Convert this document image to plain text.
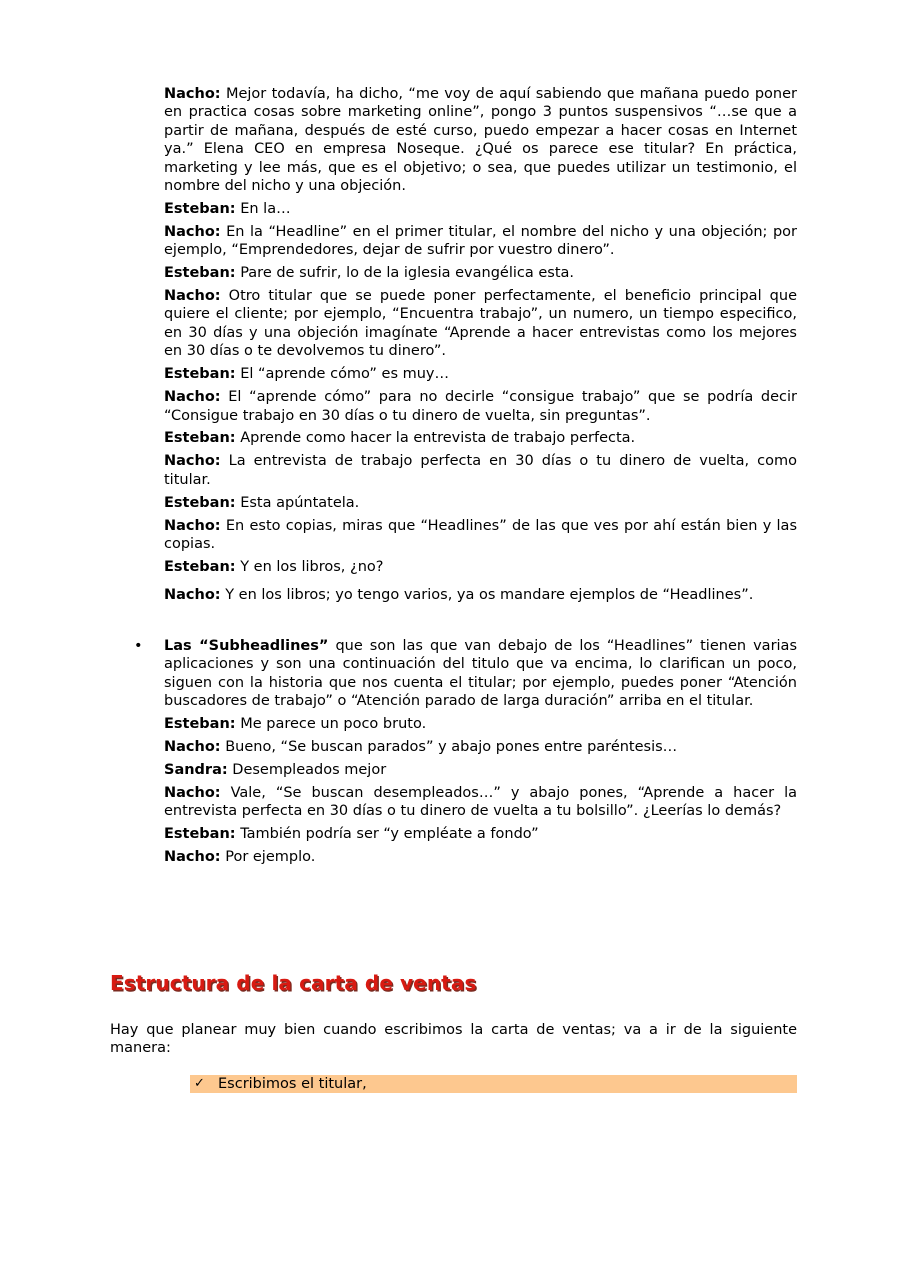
Nacho: Mejor todavía, ha dicho, “me voy de aquí sabiendo que mañana puedo poner en practica cosas sobre marketing online”, pongo 3 puntos suspensivos “…se que a partir de mañana, después de esté curso, puedo empezar a hacer cosas en Internet ya.” Elena CEO en empresa Noseque. ¿Qué os parece ese titular? En práctica, marketing y lee más, que es el objetivo; o sea, que puedes utilizar un testimonio, el nombre del nicho y una objeción.

Esteban: En la…

Nacho: En la “Headline” en el primer titular, el nombre del nicho y una objeción; por ejemplo, “Emprendedores, dejar de sufrir por vuestro dinero”.

Esteban: Pare de sufrir, lo de la iglesia evangélica esta.

Nacho: Otro titular que se puede poner perfectamente, el beneficio principal que quiere el cliente; por ejemplo, “Encuentra trabajo”, un numero, un tiempo especifico, en 30 días y una objeción imagínate “Aprende a hacer entrevistas como los mejores en 30 días o te devolvemos tu dinero”.

Esteban: El “aprende cómo” es muy…

Nacho: El “aprende cómo” para no decirle “consigue trabajo” que se podría decir “Consigue trabajo en 30 días o tu dinero de vuelta, sin preguntas”.

Esteban: Aprende como hacer la entrevista de trabajo perfecta.

Nacho: La entrevista de trabajo perfecta en 30 días o tu dinero de vuelta, como titular.

Esteban: Esta apúntatela.

Nacho: En esto copias, miras que “Headlines” de las que ves por ahí están bien y las copias.

Esteban: Y en los libros, ¿no?

Nacho: Y en los libros; yo tengo varios, ya os mandare ejemplos de “Headlines”.

• Las “Subheadlines” que son las que van debajo de los “Headlines” tienen varias aplicaciones y son una continuación del titulo que va encima, lo clarifican un poco, siguen con la historia que nos cuenta el titular; por ejemplo, puedes poner “Atención buscadores de trabajo” o “Atención parado de larga duración” arriba en el titular.

Esteban: Me parece un poco bruto.

Nacho: Bueno, “Se buscan parados” y abajo pones entre paréntesis…

Sandra: Desempleados mejor

Nacho: Vale, “Se buscan desempleados…” y abajo pones, “Aprende a hacer la entrevista perfecta en 30 días o tu dinero de vuelta a tu bolsillo”. ¿Leerías lo demás?

Esteban: También podría ser “y empléate a fondo”

Nacho: Por ejemplo.

Estructura de la carta de ventas

Hay que planear muy bien cuando escribimos la carta de ventas; va a ir de la siguiente manera:

✓ Escribimos el titular,
